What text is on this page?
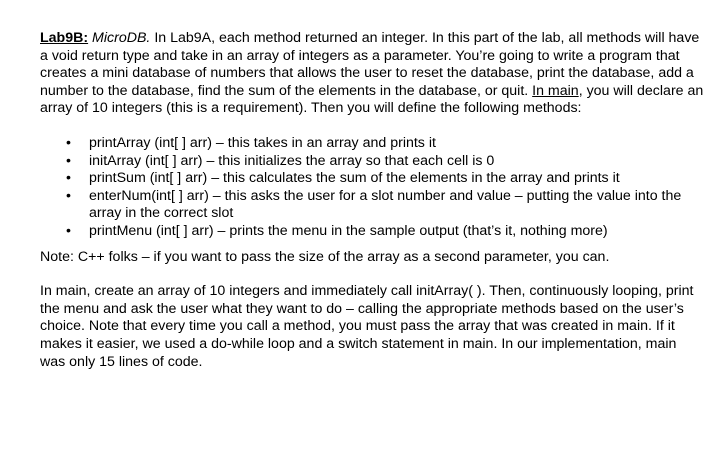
Lab9B: MicroDB. In Lab9A, each method returned an integer. In this part of the lab, all methods will have a void return type and take in an array of integers as a parameter. You’re going to write a program that creates a mini database of numbers that allows the user to reset the database, print the database, add a number to the database, find the sum of the elements in the database, or quit. In main, you will declare an array of 10 integers (this is a requirement). Then you will define the following methods:

• printArray (int[ ] arr) – this takes in an array and prints it
• initArray (int[ ] arr) – this initializes the array so that each cell is 0
• printSum (int[ ] arr) – this calculates the sum of the elements in the array and prints it
• enterNum(int[ ] arr) – this asks the user for a slot number and value – putting the value into the array in the correct slot
• printMenu (int[ ] arr) – prints the menu in the sample output (that’s it, nothing more)

Note: C++ folks – if you want to pass the size of the array as a second parameter, you can.

In main, create an array of 10 integers and immediately call initArray( ). Then, continuously looping, print the menu and ask the user what they want to do – calling the appropriate methods based on the user’s choice. Note that every time you call a method, you must pass the array that was created in main. If it makes it easier, we used a do-while loop and a switch statement in main. In our implementation, main was only 15 lines of code.
